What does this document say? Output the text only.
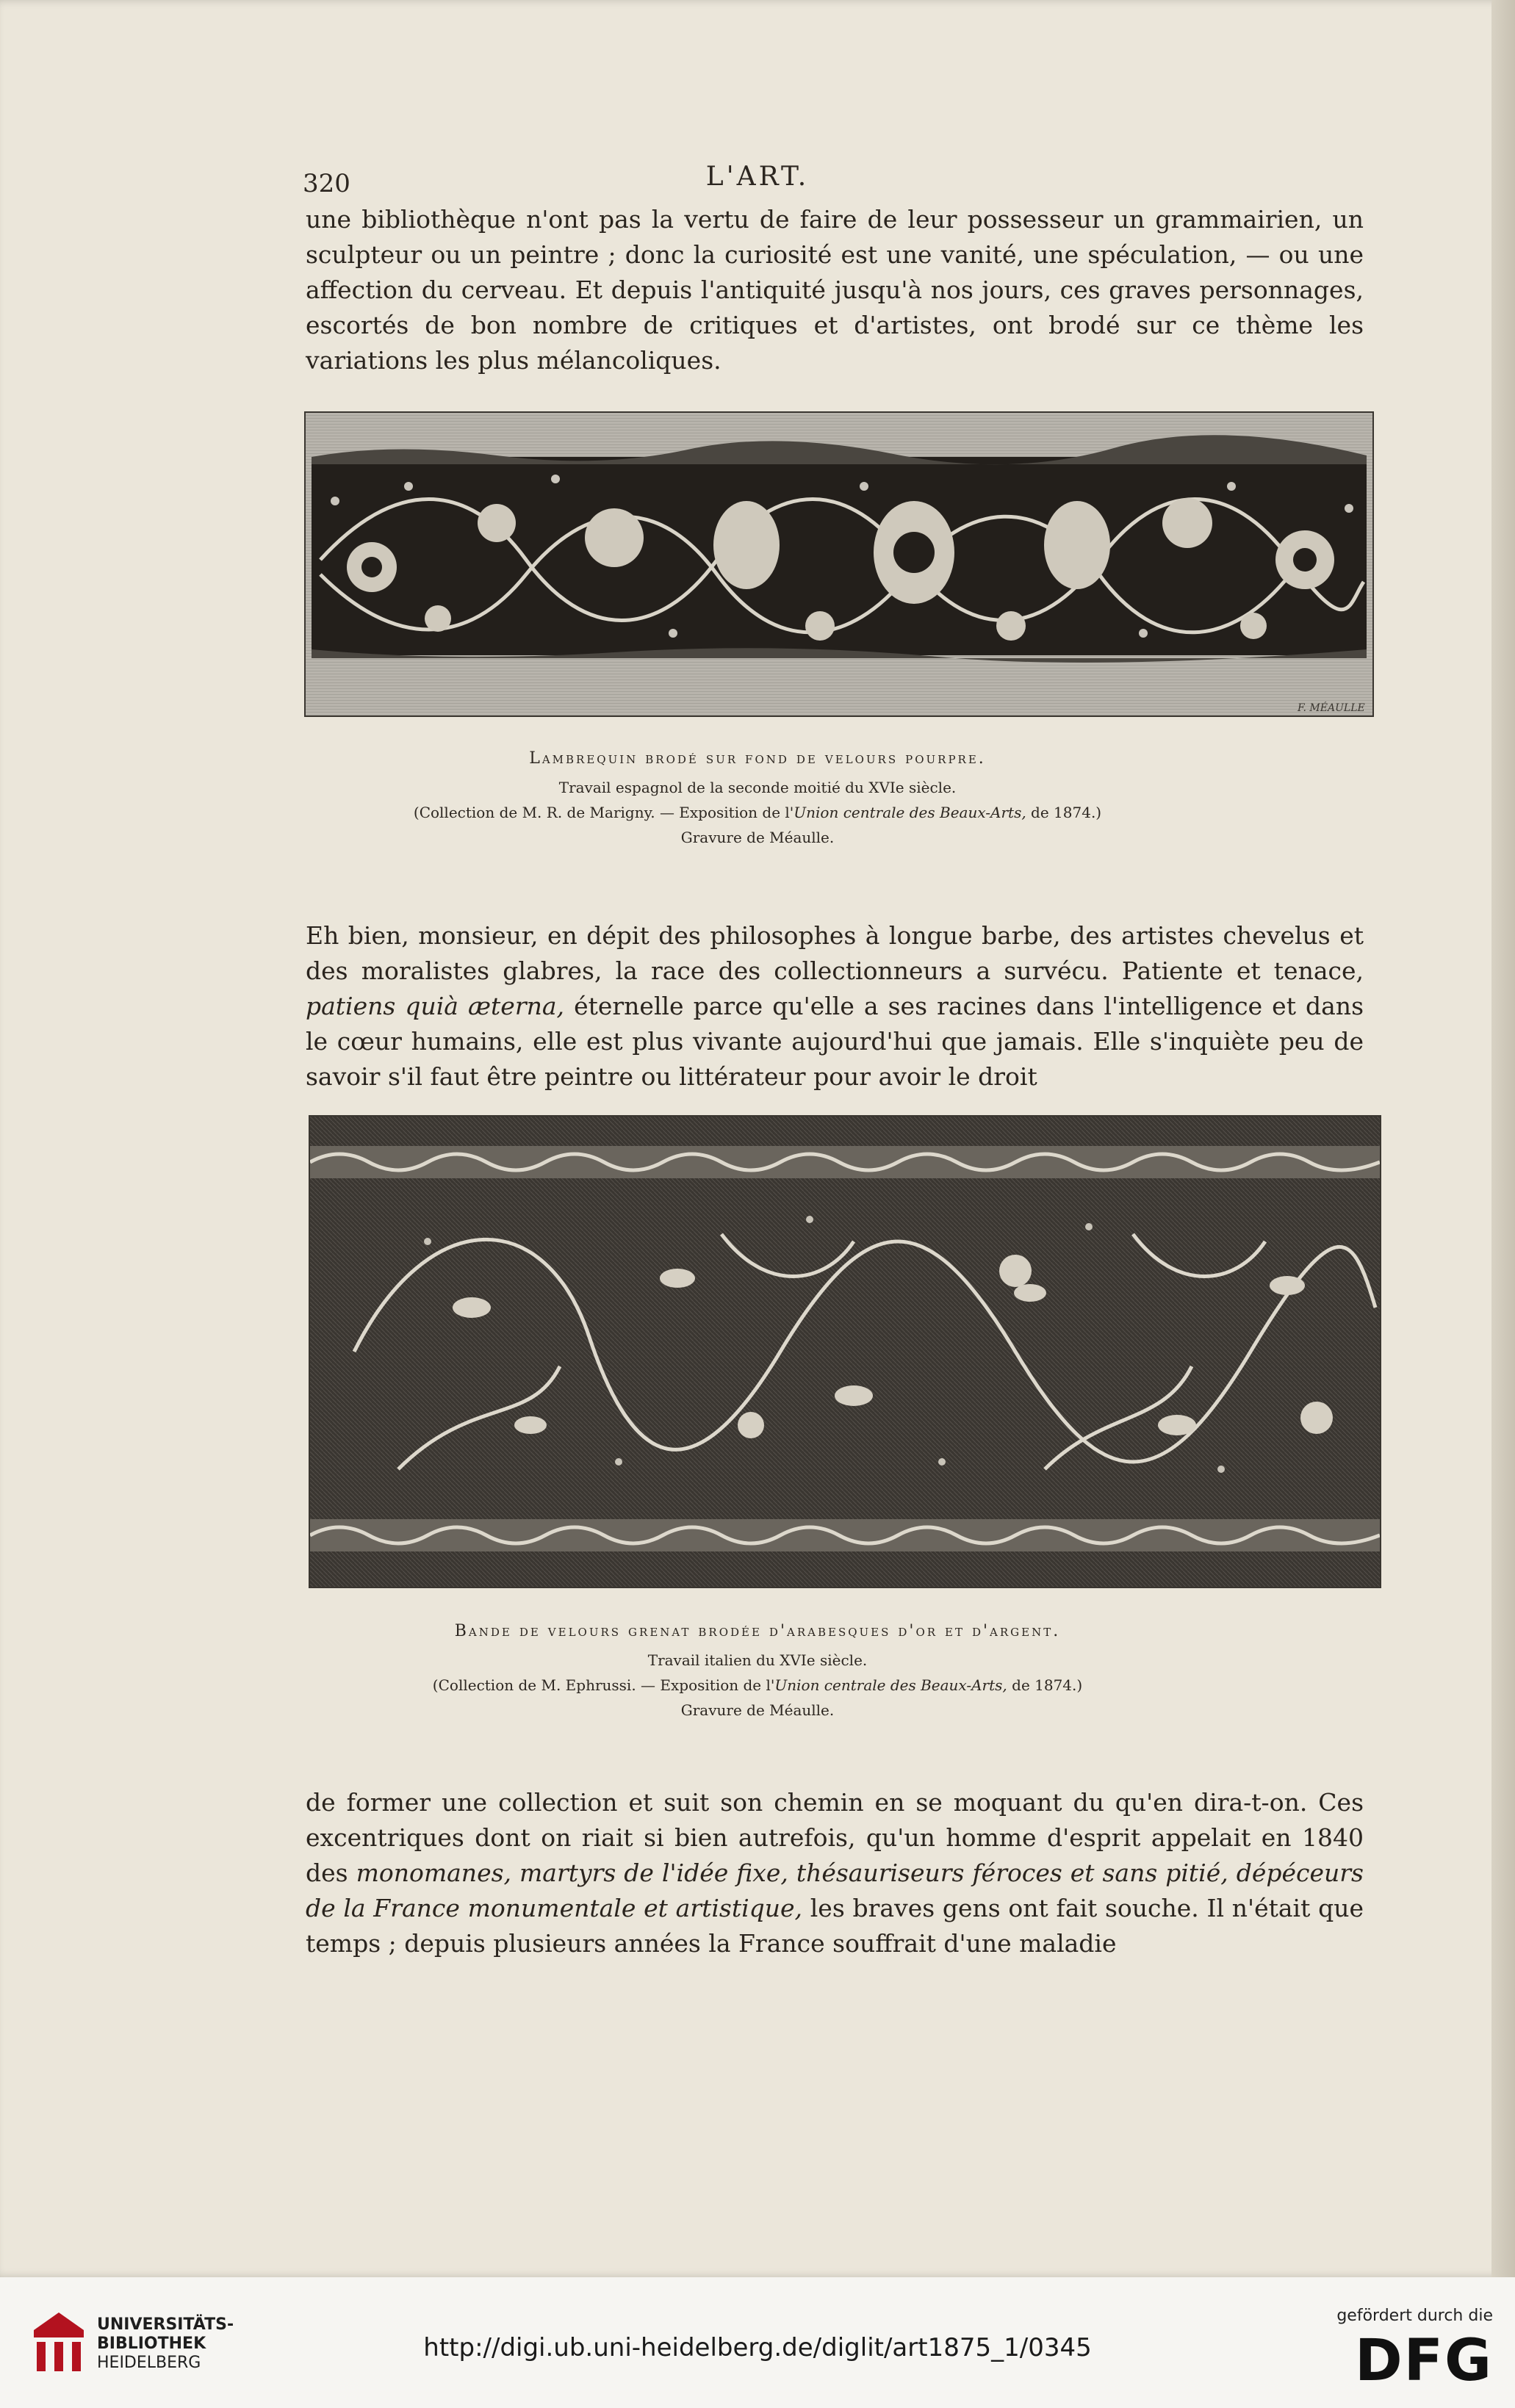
320	L'ART.

une bibliothèque n'ont pas la vertu de faire de leur possesseur un grammairien, un sculpteur ou un peintre ; donc la curiosité est une vanité, une spéculation, — ou une affection du cerveau. Et depuis l'antiquité jusqu'à nos jours, ces graves personnages, escortés de bon nombre de critiques et d'artistes, ont brodé sur ce thème les variations les plus mélancoliques.

F. MÉAULLE
Lambrequin brodé sur fond de velours pourpre.
Travail espagnol de la seconde moitié du XVIe siècle.
(Collection de M. R. de Marigny. — Exposition de l'Union centrale des Beaux-Arts, de 1874.)
Gravure de Méaulle.

Eh bien, monsieur, en dépit des philosophes à longue barbe, des artistes chevelus et des moralistes glabres, la race des collectionneurs a survécu. Patiente et tenace, patiens quià æterna, éternelle parce qu'elle a ses racines dans l'intelligence et dans le cœur humains, elle est plus vivante aujourd'hui que jamais. Elle s'inquiète peu de savoir s'il faut être peintre ou littérateur pour avoir le droit

Bande de velours grenat brodée d'arabesques d'or et d'argent.
Travail italien du XVIe siècle.
(Collection de M. Ephrussi. — Exposition de l'Union centrale des Beaux-Arts, de 1874.)
Gravure de Méaulle.

de former une collection et suit son chemin en se moquant du qu'en dira-t-on. Ces excentriques dont on riait si bien autrefois, qu'un homme d'esprit appelait en 1840 des monomanes, martyrs de l'idée fixe, thésauriseurs féroces et sans pitié, dépéceurs de la France monumentale et artistique, les braves gens ont fait souche. Il n'était que temps ; depuis plusieurs années la France souffrait d'une maladie

UNIVERSITÄTS-
BIBLIOTHEK
HEIDELBERG
http://digi.ub.uni-heidelberg.de/diglit/art1875_1/0345
gefördert durch die
DFG
